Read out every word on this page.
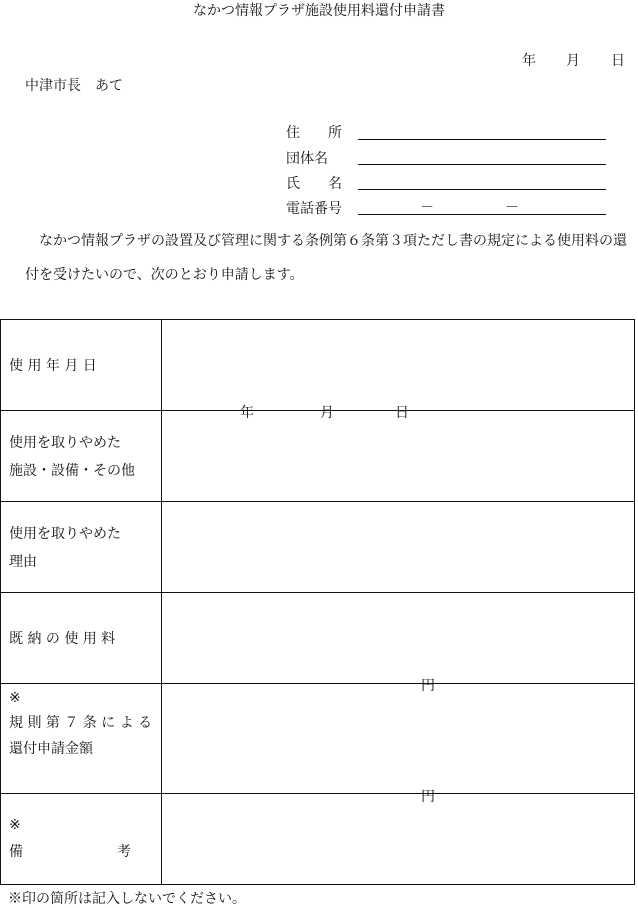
なかつ情報プラザ施設使用料還付申請書
年 月 日
中津市長　あて
住　　所
団体名
氏　　名
電話番号	－	－
なかつ情報プラザの設置及び管理に関する条例第６条第３項ただし書の規定による使用料の還付を受けたいので、次のとおり申請します。
使 用 年 月 日	年 月 日

使用を取りやめた
施設・設備・その他	

使用を取りやめた
理由	

既 納 の 使 用 料	円

※
規 則 第 ７ 条 に よ る
還付申請金額	円

※
備 考	

※印の箇所は記入しないでください。
